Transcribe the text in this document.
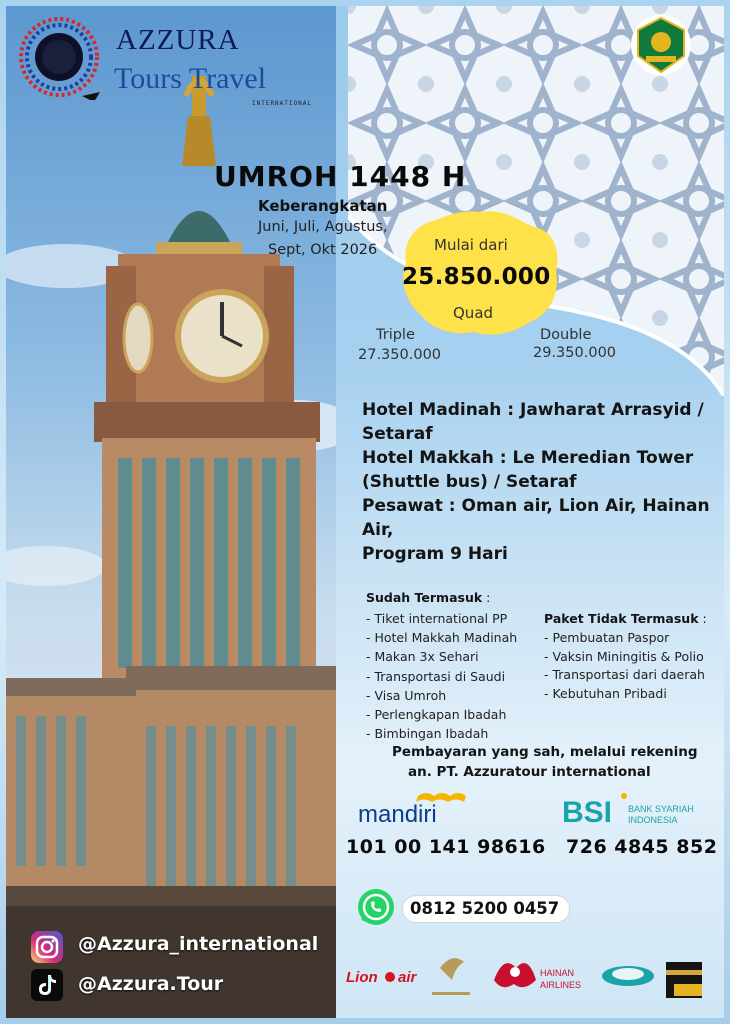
AZZURA
Tours Travel
INTERNATIONAL
UMROH 1448 H
Keberangkatan
Juni, Juli, Agustus,
Sept, Okt 2026	Mulai dari
25.850.000
Quad
Triple
27.350.000
Double
29.350.000
Hotel Madinah : Jawharat Arrasyid /
Setaraf
Hotel Makkah : Le Meredian Tower
(Shuttle bus) / Setaraf
Pesawat : Oman air, Lion Air, Hainan
Air,
Program 9 Hari
Sudah Termasuk :
- Tiket international PP
- Hotel Makkah Madinah
- Makan 3x Sehari
- Transportasi di Saudi
- Visa Umroh
- Perlengkapan Ibadah
- Bimbingan Ibadah
Paket Tidak Termasuk :
- Pembuatan Paspor
- Vaksin Miningitis & Polio
- Transportasi dari daerah
- Kebutuhan Pribadi
Pembayaran yang sah, melalui rekening
an. PT. Azzuratour international
mandiri	BSI BANK SYARIAH
INDONESIA
101 00 141 98616 726 4845 852
0812 5200 0457
@Azzura_international
@Azzura.Tour	Lion air	HAINAN
AIRLINES
